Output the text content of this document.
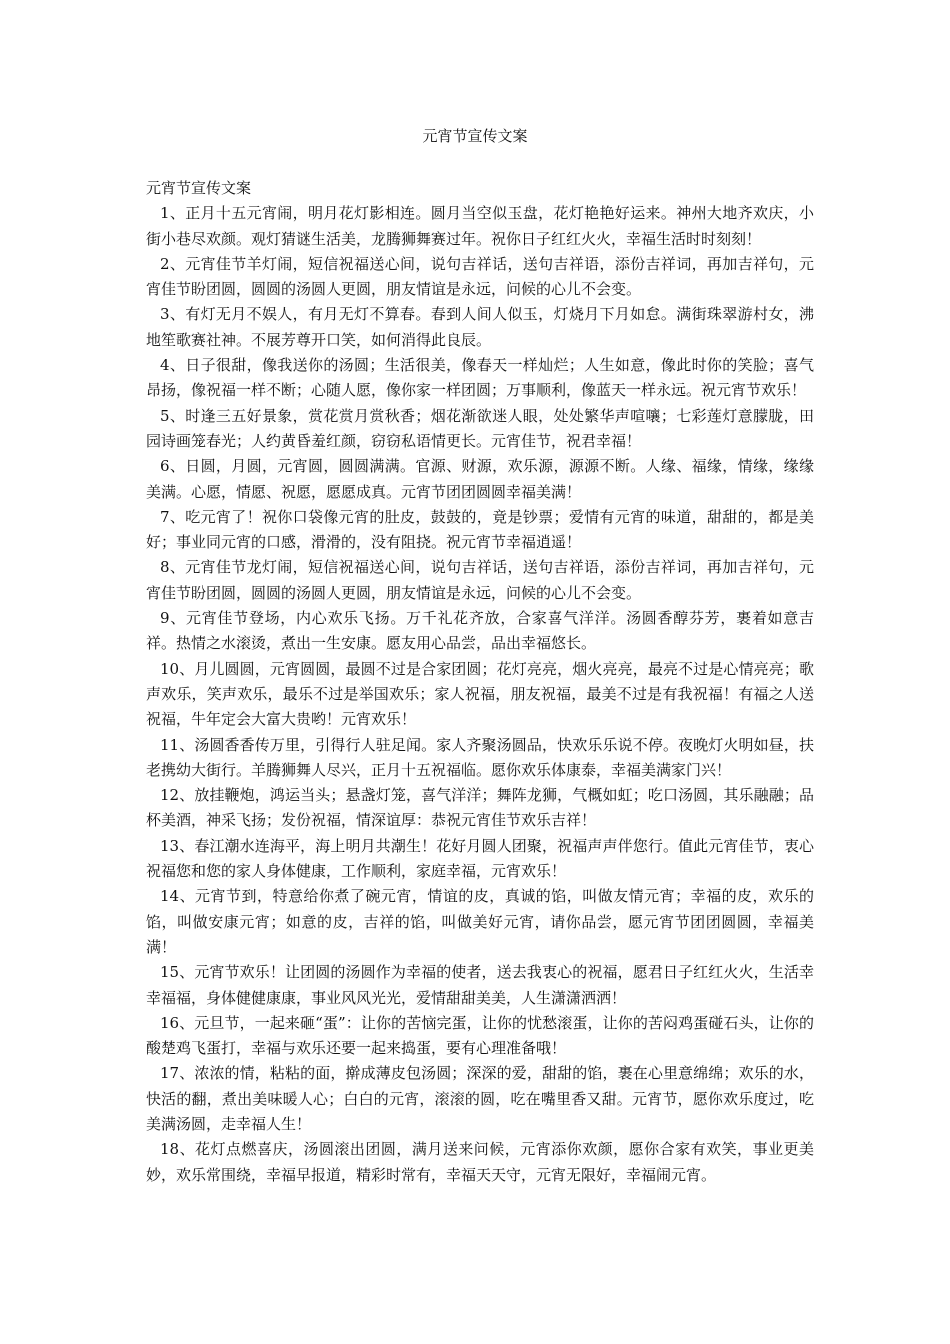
元宵节宣传文案

元宵节宣传文案

1、正月十五元宵闹，明月花灯影相连。圆月当空似玉盘，花灯艳艳好运来。神州大地齐欢庆，小街小巷尽欢颜。观灯猜谜生活美，龙腾狮舞赛过年。祝你日子红红火火，幸福生活时时刻刻！

2、元宵佳节羊灯闹，短信祝福送心间，说句吉祥话，送句吉祥语，添份吉祥词，再加吉祥句，元宵佳节盼团圆，圆圆的汤圆人更圆，朋友情谊是永远，问候的心儿不会变。

3、有灯无月不娱人，有月无灯不算春。春到人间人似玉，灯烧月下月如怠。满街珠翠游村女，沸地笙歌赛社神。不展芳尊开口笑，如何消得此良辰。

4、日子很甜，像我送你的汤圆；生活很美，像春天一样灿烂；人生如意，像此时你的笑脸；喜气昂扬，像祝福一样不断；心随人愿，像你家一样团圆；万事顺利，像蓝天一样永远。祝元宵节欢乐！

5、时逢三五好景象，赏花赏月赏秋香；烟花渐欲迷人眼，处处繁华声喧嚷；七彩莲灯意朦胧，田园诗画笼春光；人约黄昏羞红颜，窃窃私语情更长。元宵佳节，祝君幸福！

6、日圆，月圆，元宵圆，圆圆满满。官源、财源，欢乐源，源源不断。人缘、福缘，情缘，缘缘美满。心愿，情愿、祝愿，愿愿成真。元宵节团团圆圆幸福美满！

7、吃元宵了！祝你口袋像元宵的肚皮，鼓鼓的，竟是钞票；爱情有元宵的味道，甜甜的，都是美好；事业同元宵的口感，滑滑的，没有阻挠。祝元宵节幸福逍遥！

8、元宵佳节龙灯闹，短信祝福送心间，说句吉祥话，送句吉祥语，添份吉祥词，再加吉祥句，元宵佳节盼团圆，圆圆的汤圆人更圆，朋友情谊是永远，问候的心儿不会变。

9、元宵佳节登场，内心欢乐飞扬。万千礼花齐放，合家喜气洋洋。汤圆香醇芬芳，裹着如意吉祥。热情之水滚烫，煮出一生安康。愿友用心品尝，品出幸福悠长。

10、月儿圆圆，元宵圆圆，最圆不过是合家团圆；花灯亮亮，烟火亮亮，最亮不过是心情亮亮；歌声欢乐，笑声欢乐，最乐不过是举国欢乐；家人祝福，朋友祝福，最美不过是有我祝福！有福之人送祝福，牛年定会大富大贵哟！元宵欢乐！

11、汤圆香香传万里，引得行人驻足闻。家人齐聚汤圆品，快欢乐乐说不停。夜晚灯火明如昼，扶老携幼大街行。羊腾狮舞人尽兴，正月十五祝福临。愿你欢乐体康泰，幸福美满家门兴！

12、放挂鞭炮，鸿运当头；悬盏灯笼，喜气洋洋；舞阵龙狮，气概如虹；吃口汤圆，其乐融融；品杯美酒，神采飞扬；发份祝福，情深谊厚：恭祝元宵佳节欢乐吉祥！

13、春江潮水连海平，海上明月共潮生！花好月圆人团聚，祝福声声伴您行。值此元宵佳节，衷心祝福您和您的家人身体健康，工作顺利，家庭幸福，元宵欢乐！

14、元宵节到，特意给你煮了碗元宵，情谊的皮，真诚的馅，叫做友情元宵；幸福的皮，欢乐的馅，叫做安康元宵；如意的皮，吉祥的馅，叫做美好元宵，请你品尝，愿元宵节团团圆圆，幸福美满！

15、元宵节欢乐！让团圆的汤圆作为幸福的使者，送去我衷心的祝福，愿君日子红红火火，生活幸幸福福，身体健健康康，事业风风光光，爱情甜甜美美，人生潇潇洒洒！

16、元旦节，一起来砸“蛋”：让你的苦恼完蛋，让你的忧愁滚蛋，让你的苦闷鸡蛋碰石头，让你的酸楚鸡飞蛋打，幸福与欢乐还要一起来捣蛋，要有心理准备哦！

17、浓浓的情，粘粘的面，擀成薄皮包汤圆；深深的爱，甜甜的馅，裹在心里意绵绵；欢乐的水，快活的翻，煮出美味暖人心；白白的元宵，滚滚的圆，吃在嘴里香又甜。元宵节，愿你欢乐度过，吃美满汤圆，走幸福人生！

18、花灯点燃喜庆，汤圆滚出团圆，满月送来问候，元宵添你欢颜，愿你合家有欢笑，事业更美妙，欢乐常围绕，幸福早报道，精彩时常有，幸福天天守，元宵无限好，幸福闹元宵。
